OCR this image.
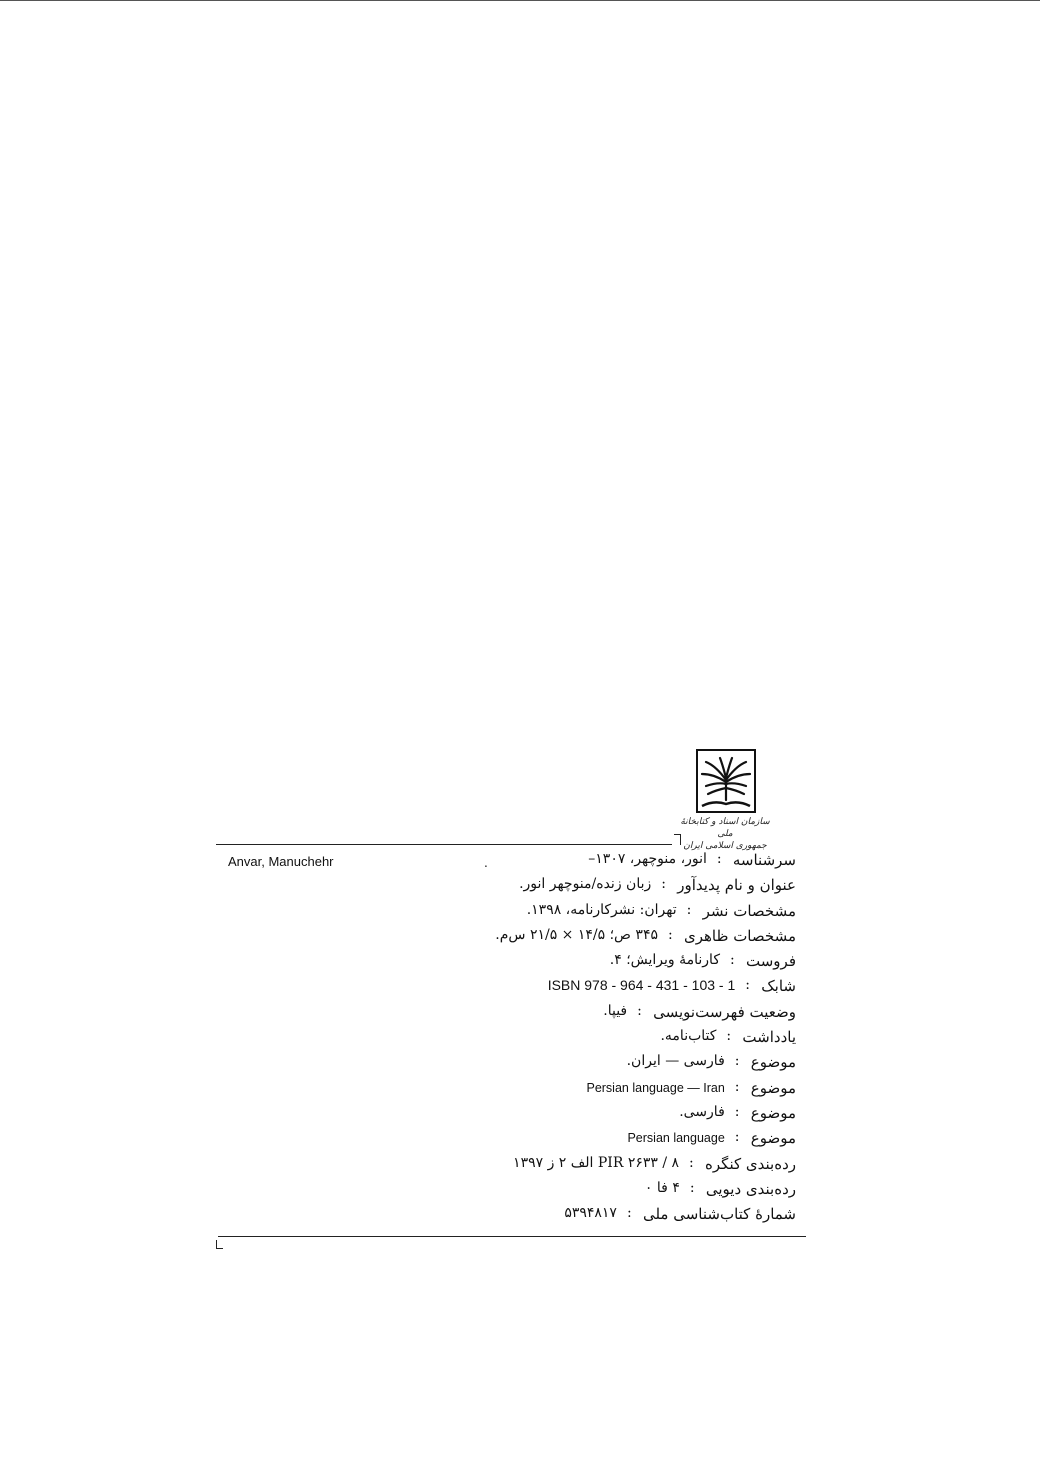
سازمان اسناد و کتابخانهٔ ملی
جمهوری اسلامی ایران
Anvar, Manuchehr	.	سرشناسه
:
انور، منوچهر، ۱۳۰۷–
عنوان و نام پدیدآور
:
زبان زنده/منوچهر انور.
مشخصات نشر
:
تهران: نشرکارنامه، ۱۳۹۸.
مشخصات ظاهری
:
۳۴۵ ص؛ ۱۴/۵ × ۲۱/۵ س‌م.
فروست
:
کارنامهٔ ویرایش؛ ۴.
شابک
:
ISBN 978 - 964 - 431 - 103 - 1
وضعیت فهرست‌نویسی
:
فیپا.
یادداشت
:
کتاب‌نامه.
موضوع
:
فارسی — ایران.
موضوع
:
Persian language — Iran
موضوع
:
فارسی.
موضوع
:
Persian language
رده‌بندی کنگره
:
PIR ۲۶۳۳ / ۸ الف ۲ ز ۱۳۹۷
رده‌بندی دیویی
:
۴ فا ۰
شمارهٔ کتاب‌شناسی ملی
:
۵۳۹۴۸۱۷
